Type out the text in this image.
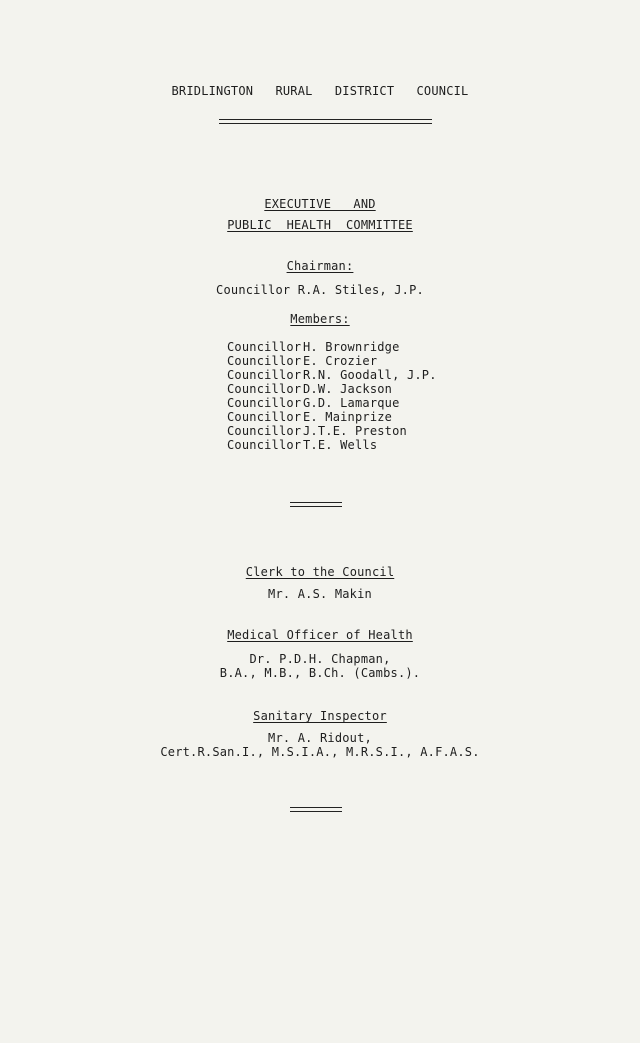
BRIDLINGTON   RURAL   DISTRICT   COUNCIL
EXECUTIVE   AND
PUBLIC  HEALTH  COMMITTEE
Chairman:
Councillor R.A. Stiles, J.P.
Members:
Councillor H. Brownridge
Councillor E. Crozier
Councillor R.N. Goodall, J.P.
Councillor D.W. Jackson
Councillor G.D. Lamarque
Councillor E. Mainprize
Councillor J.T.E. Preston
Councillor T.E. Wells
Clerk to the Council
Mr. A.S. Makin
Medical Officer of Health
Dr. P.D.H. Chapman,
B.A., M.B., B.Ch. (Cambs.).
Sanitary Inspector
Mr. A. Ridout,
Cert.R.San.I., M.S.I.A., M.R.S.I., A.F.A.S.
